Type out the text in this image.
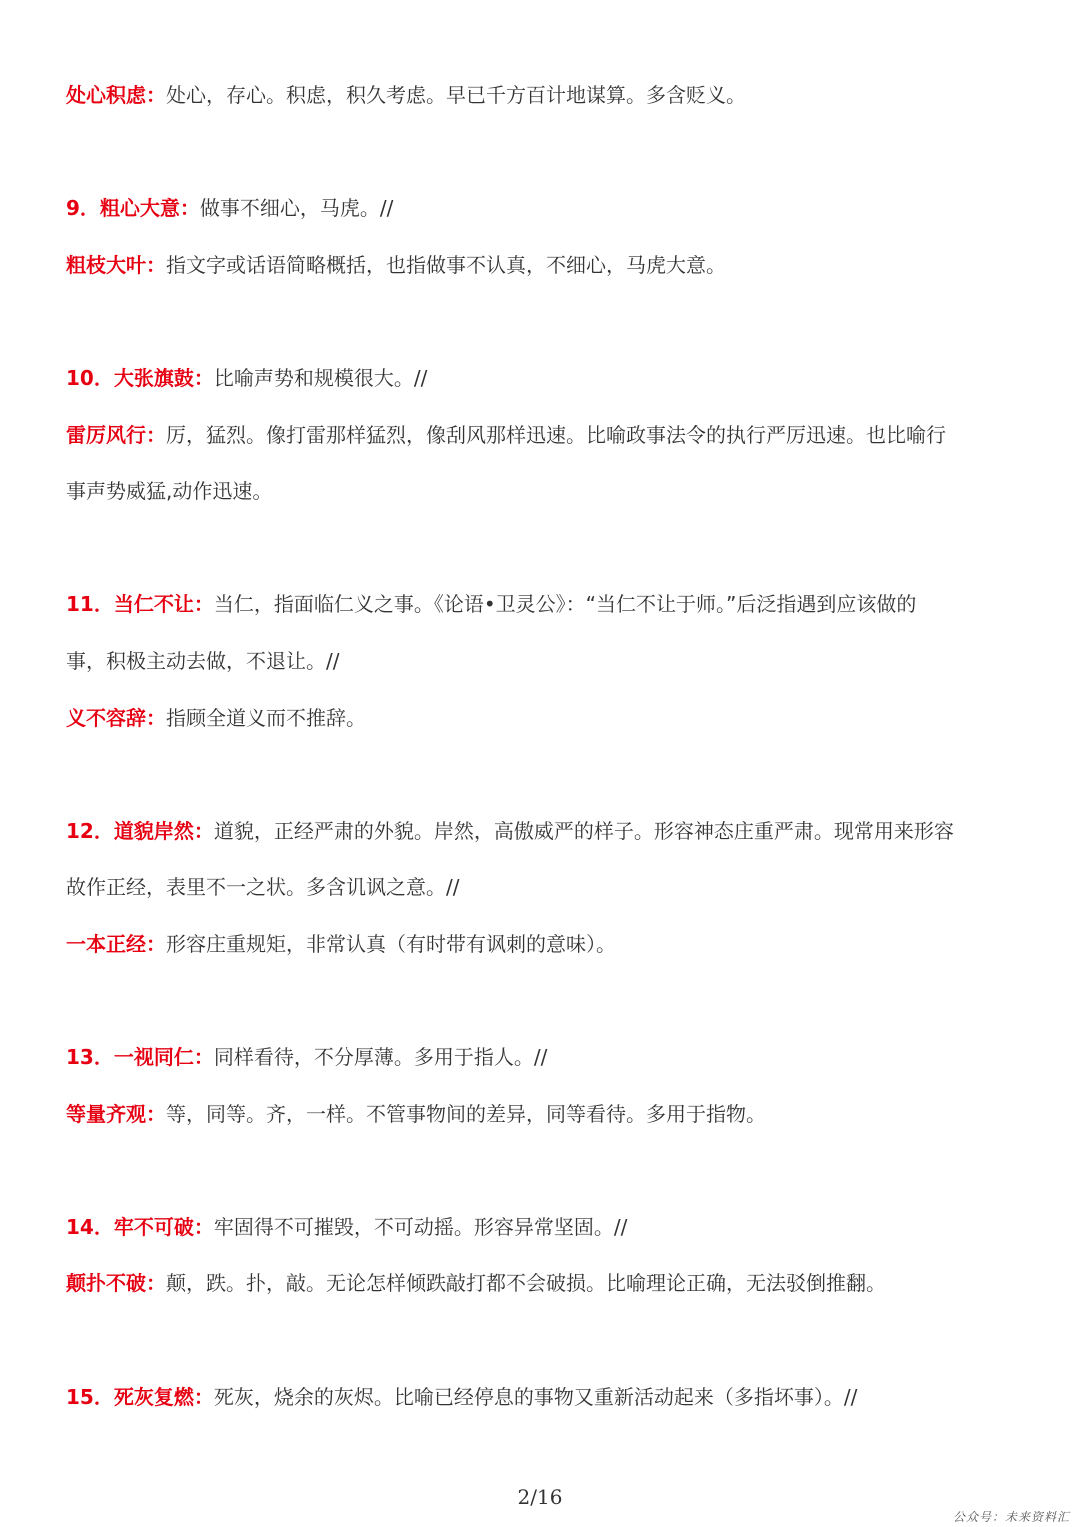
处心积虑：处心，存心。积虑，积久考虑。早已千方百计地谋算。多含贬义。

9．粗心大意：做事不细心，马虎。//

粗枝大叶：指文字或话语简略概括，也指做事不认真，不细心，马虎大意。

10．大张旗鼓：比喻声势和规模很大。//

雷厉风行：厉，猛烈。像打雷那样猛烈，像刮风那样迅速。比喻政事法令的执行严厉迅速。也比喻行

事声势威猛,动作迅速。

11．当仁不让：当仁，指面临仁义之事。《论语•卫灵公》：“当仁不让于师。”后泛指遇到应该做的

事，积极主动去做，不退让。//

义不容辞：指顾全道义而不推辞。

12．道貌岸然：道貌，正经严肃的外貌。岸然，高傲威严的样子。形容神态庄重严肃。现常用来形容

故作正经，表里不一之状。多含讥讽之意。//

一本正经：形容庄重规矩，非常认真（有时带有讽刺的意味）。

13．一视同仁：同样看待，不分厚薄。多用于指人。//

等量齐观：等，同等。齐，一样。不管事物间的差异，同等看待。多用于指物。

14．牢不可破：牢固得不可摧毁，不可动摇。形容异常坚固。//

颠扑不破：颠，跌。扑，敲。无论怎样倾跌敲打都不会破损。比喻理论正确，无法驳倒推翻。

15．死灰复燃：死灰，烧余的灰烬。比喻已经停息的事物又重新活动起来（多指坏事）。//

2/16
公众号：未来资料汇
